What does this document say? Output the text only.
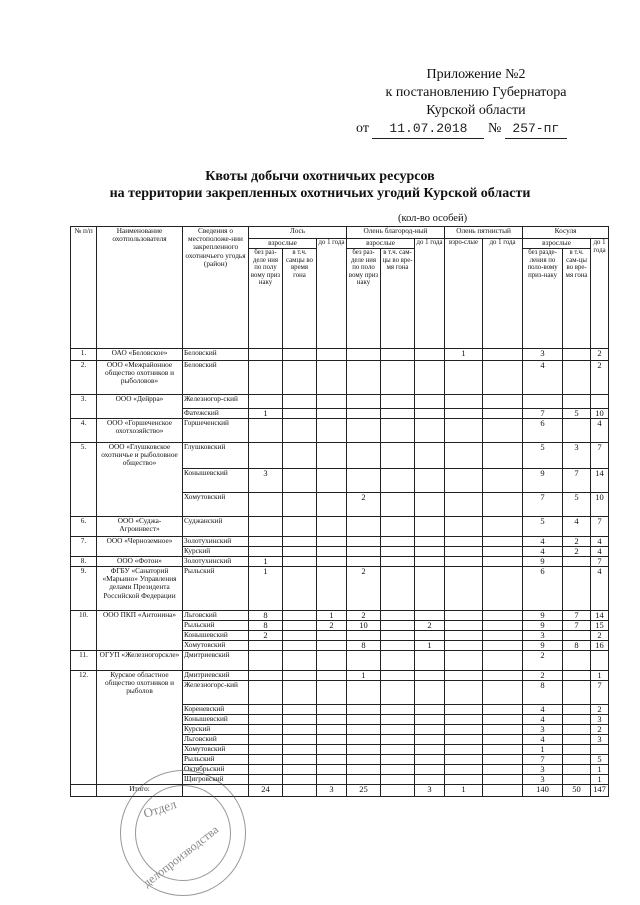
Приложение №2
к постановлению Губернатора
Курской области
от 11.07.2018 № 257-пг
Квоты добычи охотничьих ресурсов
на территории закрепленных охотничьих угодий Курской области
(кол-во особей)
№ п/п	Наименование охотпользователя	Сведения о местоположе-нии закрепленного охотничьего угодья (район)	Лось			Олень благород-ный			Олень пятнистый		Косуля		
			взрослые		до 1 года	взрослые		до 1 года	взро-слые	до 1 года	взрослые		до 1 года
			без раз-деле ния по полу вому приз наку	в т.ч. самцы во время гона		без раз-деле ния по поло вому приз наку	в т.ч. сам-цы во вре-мя гона				без разде-ления по поло-вому приз-наку	в т.ч. сам-цы во вре-мя гона	
1.	ОАО «Беловское»	Беловский							1		3		2
2.	ООО «Межрайонное общество охотников и рыболовов»	Беловский									4		2
3.	ООО «Дейрра»	Железногор-ский											
		Фатежский	1								7	5	10
4.	ООО «Горшеченское охотхозяйство»	Горшеченский									6		4
5.	ООО «Глушковское охотничье и рыболовное общество»	Глушковский									5	3	7
		Конышевский	3								9	7	14
		Хомутовский				2					7	5	10
6.	ООО «Суджа-Агроинвест»	Суджанский									5	4	7
7.	ООО «Черноземное»	Золотухинский									4	2	4
		Курский									4	2	4
8.	ООО «Фотон»	Золотухинский	1								9		7
9.	ФГБУ «Санаторий «Марьино» Управления делами Президента Российской Федерации	Рыльский	1			2					6		4
10.	ООО ПКП «Антонина»	Льговский	8		1	2					9	7	14
		Рыльский	8		2	10		2			9	7	15
		Конышевский	2								3		2
		Хомутовский				8		1			9	8	16
11.	ОГУП «Железногорскле»	Дмитриевский									2		
12.	Курское областное общество охотников и рыболов	Дмитриевский				1					2		1
		Железногорс-кий									8		7
		Кореневский									4		2
		Конышевский									4		3
		Курский									3		2
		Льговский									4		3
		Хомутовский									1		
		Рыльский									7		5
		Октябрьский									3		1
		Щигровский									3		1
	Итого:		24		3	25		3	1		140	50	147
Отдел
делопроизводства
